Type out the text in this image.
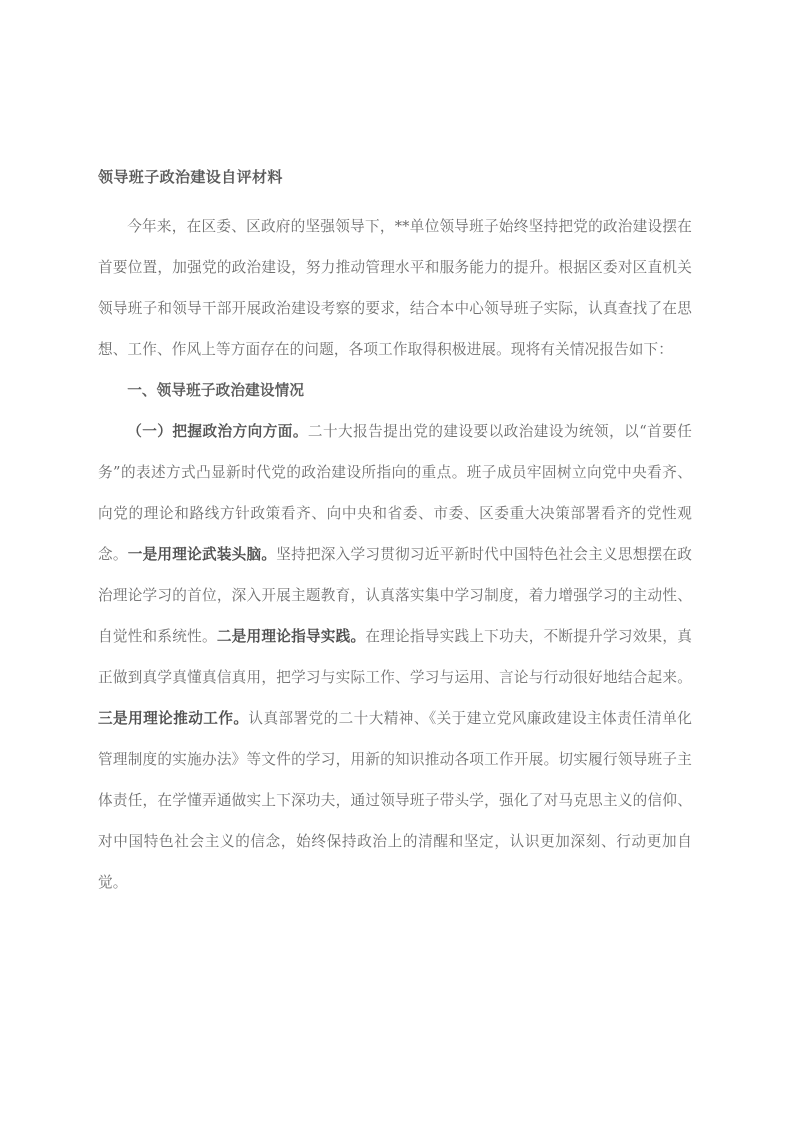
领导班子政治建设自评材料

今年来，在区委、区政府的坚强领导下，**单位领导班子始终坚持把党的政治建设摆在首要位置，加强党的政治建设，努力推动管理水平和服务能力的提升。根据区委对区直机关领导班子和领导干部开展政治建设考察的要求，结合本中心领导班子实际，认真查找了在思想、工作、作风上等方面存在的问题，各项工作取得积极进展。现将有关情况报告如下：

一、领导班子政治建设情况

（一）把握政治方向方面。二十大报告提出党的建设要以政治建设为统领，以“首要任务”的表述方式凸显新时代党的政治建设所指向的重点。班子成员牢固树立向党中央看齐、向党的理论和路线方针政策看齐、向中央和省委、市委、区委重大决策部署看齐的党性观念。一是用理论武装头脑。坚持把深入学习贯彻习近平新时代中国特色社会主义思想摆在政治理论学习的首位，深入开展主题教育，认真落实集中学习制度，着力增强学习的主动性、自觉性和系统性。二是用理论指导实践。在理论指导实践上下功夫，不断提升学习效果，真正做到真学真懂真信真用，把学习与实际工作、学习与运用、言论与行动很好地结合起来。三是用理论推动工作。认真部署党的二十大精神、《关于建立党风廉政建设主体责任清单化管理制度的实施办法》等文件的学习，用新的知识推动各项工作开展。切实履行领导班子主体责任，在学懂弄通做实上下深功夫，通过领导班子带头学，强化了对马克思主义的信仰、对中国特色社会主义的信念，始终保持政治上的清醒和坚定，认识更加深刻、行动更加自觉。
